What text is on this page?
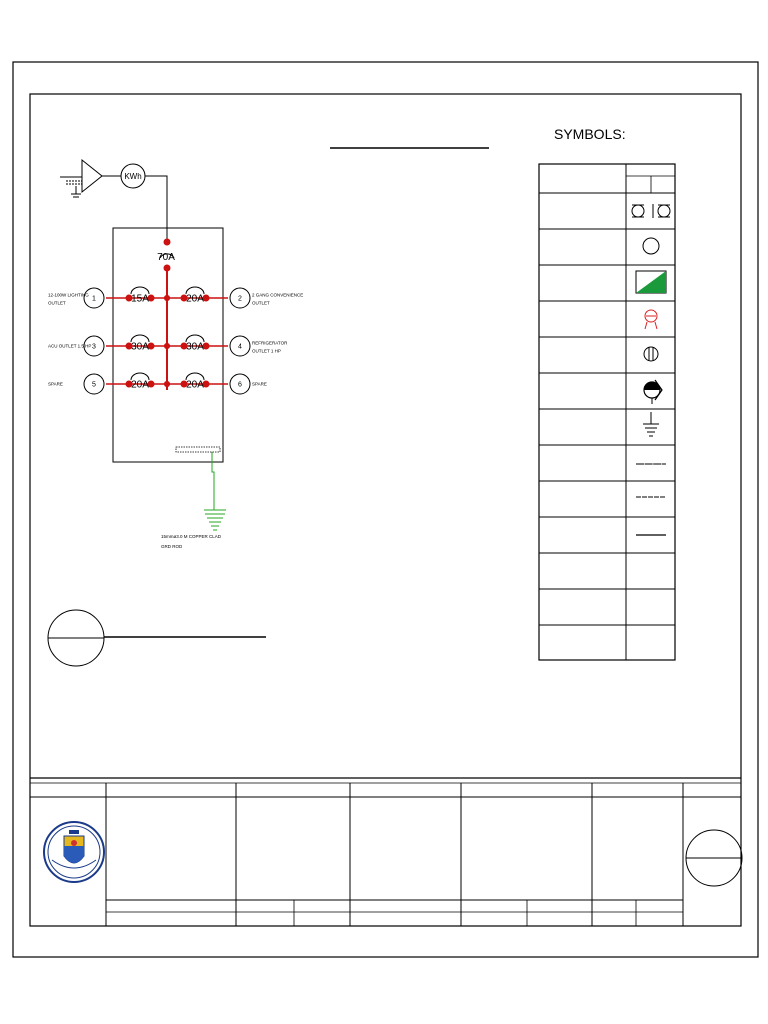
KWh
70A
15A
1
12-100W LIGHTING
OUTLET	20A	2
2 GANG CONVENIENCE
OUTLET
30A
3
ACU OUTLET 1.5 HP	30A	4
REFRIGERATOR
OUTLET 1 HP
20A
5
SPARE	20A	6 SPARE
15mmø3.0 M COPPER CLAD
GRD ROD
SYMBOLS:
